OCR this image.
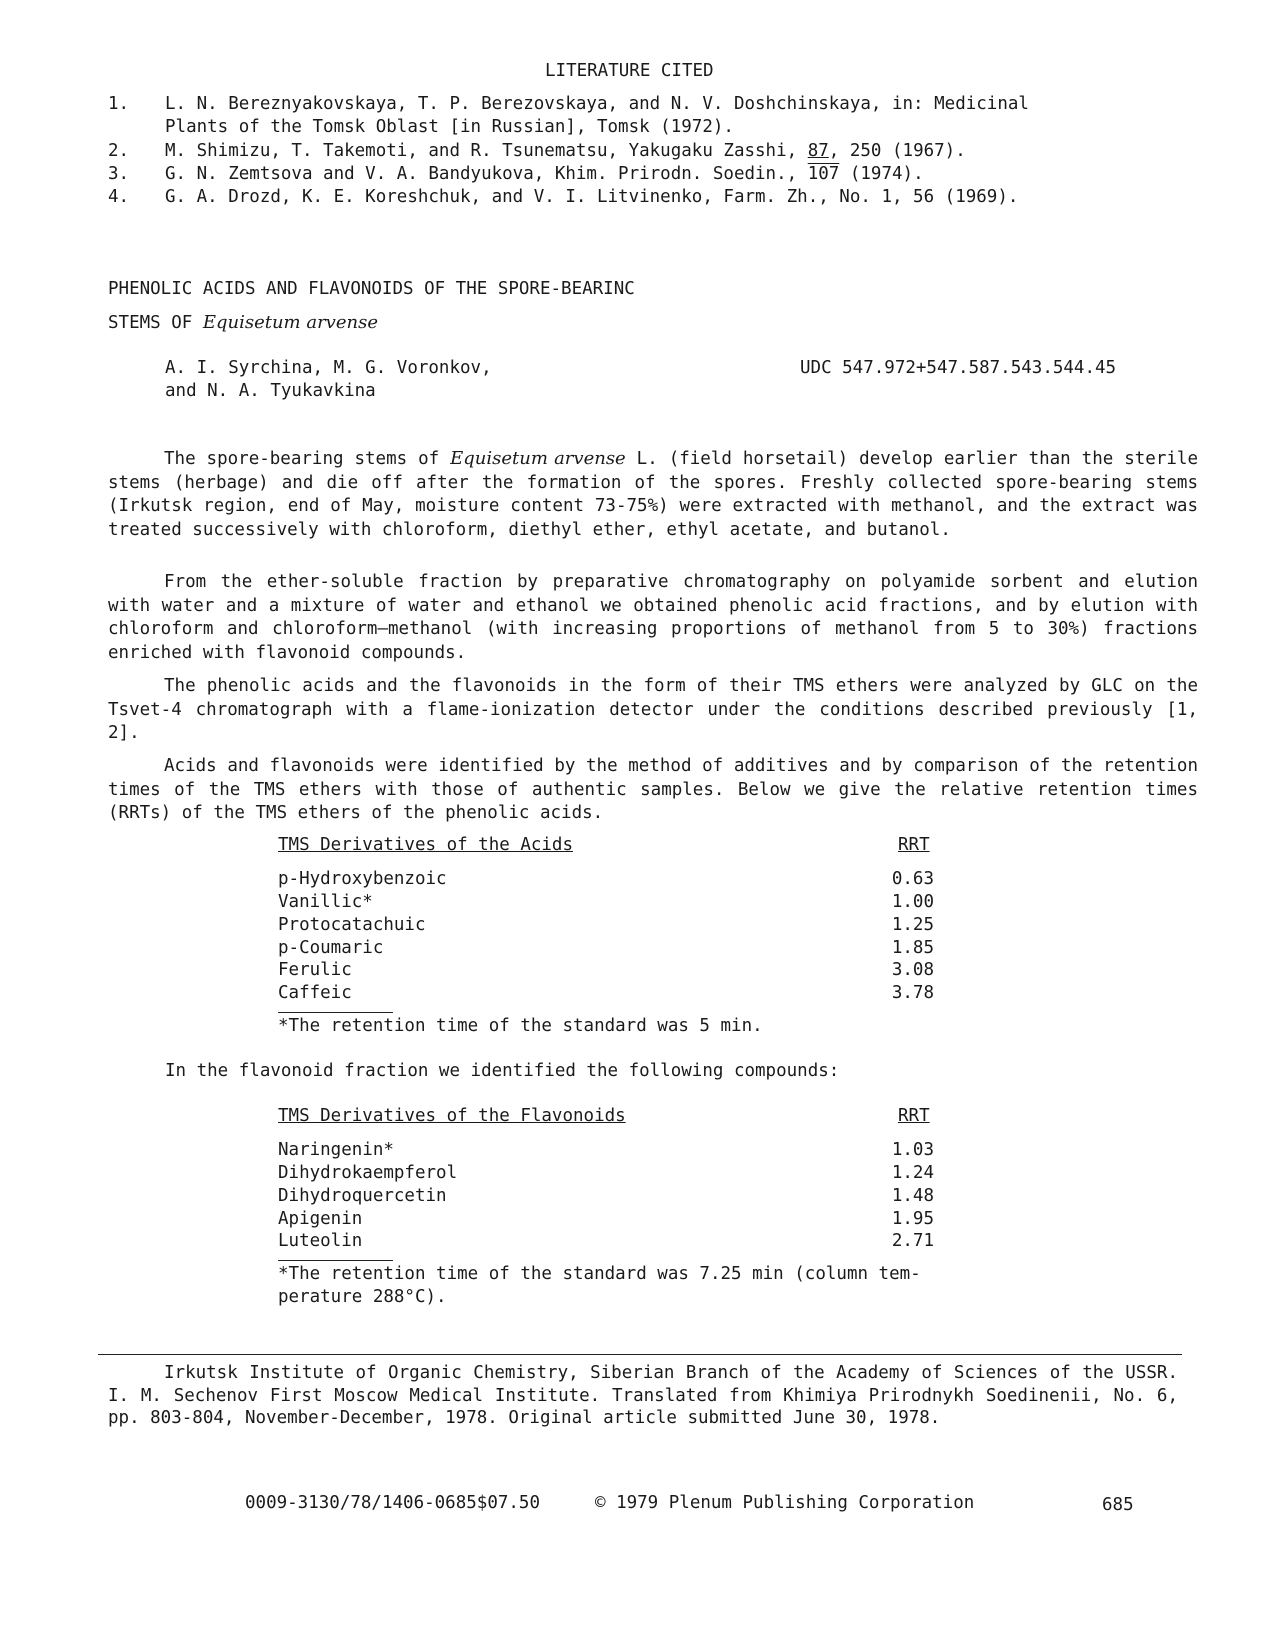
LITERATURE CITED
1. L. N. Bereznyakovskaya, T. P. Berezovskaya, and N. V. Doshchinskaya, in: Medicinal
Plants of the Tomsk Oblast [in Russian], Tomsk (1972).
2. M. Shimizu, T. Takemoti, and R. Tsunematsu, Yakugaku Zasshi, 87, 250 (1967).
3. G. N. Zemtsova and V. A. Bandyukova, Khim. Prirodn. Soedin., 107 (1974).
4. G. A. Drozd, K. E. Koreshchuk, and V. I. Litvinenko, Farm. Zh., No. 1, 56 (1969).
PHENOLIC ACIDS AND FLAVONOIDS OF THE SPORE-BEARINC
STEMS OF Equisetum arvense
A. I. Syrchina, M. G. Voronkov,
and N. A. Tyukavkina
UDC 547.972+547.587.543.544.45
The spore-bearing stems of Equisetum arvense L. (field horsetail) develop earlier than the sterile stems (herbage) and die off after the formation of the spores. Freshly collected spore-bearing stems (Irkutsk region, end of May, moisture content 73-75%) were extracted with methanol, and the extract was treated successively with chloroform, diethyl ether, ethyl acetate, and butanol.
From the ether-soluble fraction by preparative chromatography on polyamide sorbent and elution with water and a mixture of water and ethanol we obtained phenolic acid fractions, and by elution with chloroform and chloroform—methanol (with increasing proportions of methanol from 5 to 30%) fractions enriched with flavonoid compounds.
The phenolic acids and the flavonoids in the form of their TMS ethers were analyzed by GLC on the Tsvet-4 chromatograph with a flame-ionization detector under the conditions described previously [1, 2].
Acids and flavonoids were identified by the method of additives and by comparison of the retention times of the TMS ethers with those of authentic samples. Below we give the relative retention times (RRTs) of the TMS ethers of the phenolic acids.
TMS Derivatives of the Acids	RRT
p-Hydroxybenzoic	0.63
Vanillic*	1.00
Protocatachuic	1.25
p-Coumaric	1.85
Ferulic	3.08
Caffeic	3.78
*The retention time of the standard was 5 min.
In the flavonoid fraction we identified the following compounds:
TMS Derivatives of the Flavonoids	RRT
Naringenin*	1.03
Dihydrokaempferol	1.24
Dihydroquercetin	1.48
Apigenin	1.95
Luteolin	2.71
*The retention time of the standard was 7.25 min (column tem-
perature 288°C).
Irkutsk Institute of Organic Chemistry, Siberian Branch of the Academy of Sciences of the USSR. I. M. Sechenov First Moscow Medical Institute. Translated from Khimiya Prirodnykh Soedinenii, No. 6, pp. 803-804, November-December, 1978. Original article submitted June 30, 1978.
0009-3130/78/1406-0685$07.50	© 1979 Plenum Publishing Corporation	685
